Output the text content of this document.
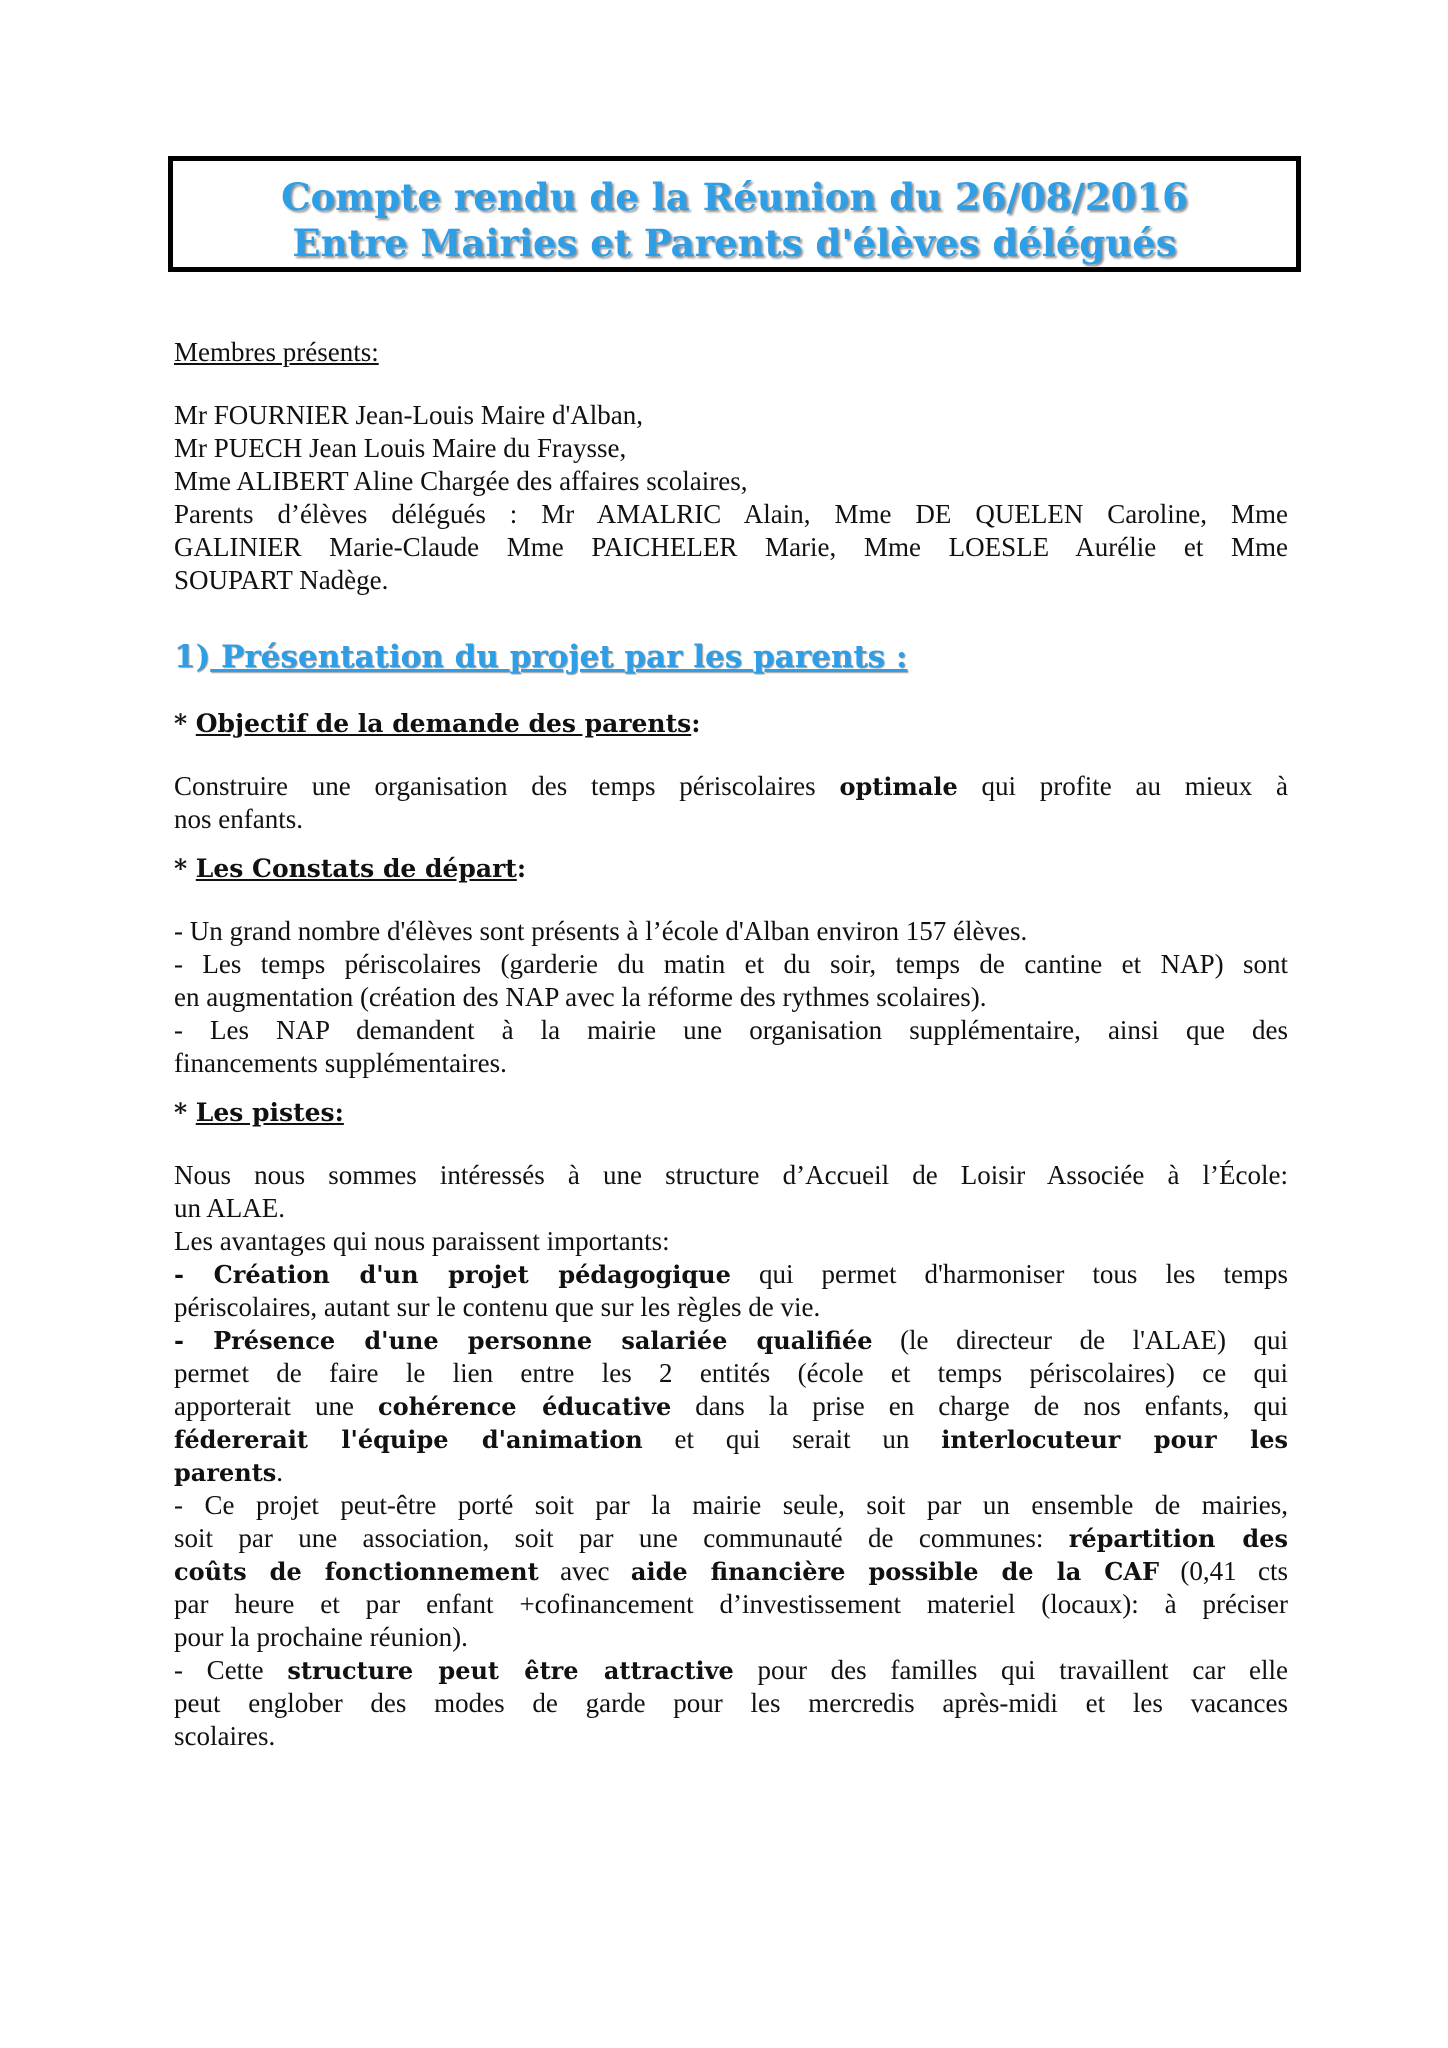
Compte rendu de la Réunion du 26/08/2016
Entre Mairies et Parents d'élèves délégués
Membres présents:
Mr FOURNIER Jean-Louis Maire d'Alban,
Mr PUECH Jean Louis Maire du Fraysse,
Mme ALIBERT Aline Chargée des affaires scolaires,
Parents d’élèves délégués : Mr AMALRIC Alain, Mme DE QUELEN Caroline, Mme
GALINIER Marie-Claude Mme PAICHELER Marie, Mme LOESLE Aurélie et Mme
SOUPART Nadège.
1) Présentation du projet par les parents :
* Objectif de la demande des parents:
Construire une organisation des temps périscolaires optimale qui profite au mieux à
nos enfants.
* Les Constats de départ:
- Un grand nombre d'élèves sont présents à l’école d'Alban environ 157 élèves.
- Les temps périscolaires (garderie du matin et du soir, temps de cantine et NAP) sont
en augmentation (création des NAP avec la réforme des rythmes scolaires).
- Les NAP demandent à la mairie une organisation supplémentaire, ainsi que des
financements supplémentaires.
* Les pistes:
Nous nous sommes intéressés à une structure d’Accueil de Loisir Associée à l’École:
un ALAE.
Les avantages qui nous paraissent importants:
- Création d'un projet pédagogique qui permet d'harmoniser tous les temps
périscolaires, autant sur le contenu que sur les règles de vie.
- Présence d'une personne salariée qualifiée (le directeur de l'ALAE) qui
permet de faire le lien entre les 2 entités (école et temps périscolaires) ce qui
apporterait une cohérence éducative dans la prise en charge de nos enfants, qui
fédererait l'équipe d'animation et qui serait un interlocuteur pour les
parents.
- Ce projet peut-être porté soit par la mairie seule, soit par un ensemble de mairies,
soit par une association, soit par une communauté de communes: répartition des
coûts de fonctionnement avec aide financière possible de la CAF (0,41 cts
par heure et par enfant +cofinancement d’investissement materiel (locaux): à préciser
pour la prochaine réunion).
- Cette structure peut être attractive pour des familles qui travaillent car elle
peut englober des modes de garde pour les mercredis après-midi et les vacances
scolaires.
